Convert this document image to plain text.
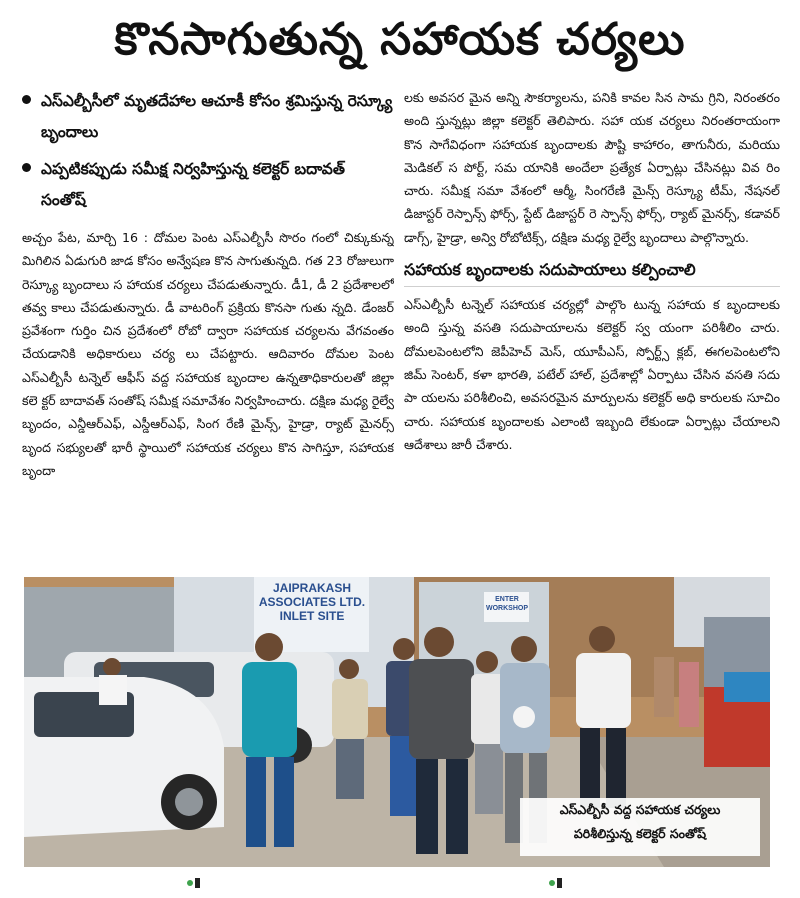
కొనసాగుతున్న సహాయక చర్యలు
ఎస్ఎల్బీసీలో మృతదేహాల ఆచూకీ కోసం శ్రమిస్తున్న రెస్క్యూ బృందాలు
ఎప్పటికప్పుడు సమీక్ష నిర్వహిస్తున్న కలెక్టర్ బదావత్ సంతోష్

అచ్చం పేట, మార్చి 16 : దోమల పెంట ఎస్ఎల్బీసీ సొరం గంలో చిక్కుకున్న మిగిలిన ఏడుగురి జాడ కోసం అన్వేషణ కొన సాగుతున్నది. గత 23 రోజులుగా రెస్క్యూ బృందాలు స హాయక చర్యలు చేపడుతున్నారు. డీ1, డీ 2 ప్రదేశాలలో తవ్వ కాలు చేపడుతున్నారు. డీ వాటరింగ్ ప్రక్రియ కొనసా గుతు న్నది. డేంజర్ ప్రవేశంగా గుర్తిం చిన ప్రదేశంలో రోబో ద్వారా సహాయక చర్యలను వేగవంతం చేయడానికి అధికారులు చర్య లు చేపట్టారు. ఆదివారం దోమల పెంట ఎస్ఎల్బీసీ టన్నెల్ ఆఫీస్ వద్ద సహాయక బృందాల ఉన్నతాధికారులతో జిల్లా కలె క్టర్ బాదావత్ సంతోష్ సమీక్ష సమావేశం నిర్వహించారు. దక్షిణ మధ్య రైల్వే బృందం, ఎన్డీఆర్ఎఫ్, ఎస్డీఆర్ఎఫ్, సింగ రేణి మైన్స్, హైడ్రా, ర్యాట్ మైనర్స్ బృంద సభ్యులతో భారీ స్థాయిలో సహాయక చర్యలు కొన సాగిస్తూ, సహాయక బృందా

లకు అవసర మైన అన్ని సౌకర్యాలను, పనికి కావల సిన సామ గ్రిని, నిరంతరం అంది స్తున్నట్లు జిల్లా కలెక్టర్ తెలిపారు. సహా యక చర్యలు నిరంతరాయంగా కొన సాగేవిధంగా సహాయక బృందాలకు పౌష్టి కాహారం, తాగునీరు, మరియు మెడికల్ స పోర్ట్, సమ యానికి అందేలా ప్రత్యేక ఏర్పాట్లు చేసినట్లు వివ రిం చారు. సమీక్ష సమా వేశంలో ఆర్మీ, సింగరేణి మైన్స్ రెస్క్యూ టీమ్, నేషనల్ డిజాస్టర్ రెస్పాన్స్ ఫోర్స్, స్టేట్ డిజాస్టర్ రె స్పాన్స్ ఫోర్స్, ర్యాట్ మైనర్స్, కడావర్ డాగ్స్, హైడ్రా, అన్వి రోబోటిక్స్, దక్షిణ మధ్య రైల్వే బృందాలు పాల్గొన్నారు.

సహాయక బృందాలకు సదుపాయాలు కల్పించాలి

ఎస్ఎల్బీసీ టన్నెల్ సహాయక చర్యల్లో పాల్గొం టున్న సహాయ క బృందాలకు అంది స్తున్న వసతి సదుపాయాలను కలెక్టర్ స్వ యంగా పరిశీలిం చారు. దోమలపెంటలోని జెపీహెచ్ మెస్, యూపీఎస్, స్పోర్ట్స్ క్లబ్, ఈగలపెంటలోని జిమ్ సెంటర్, కళా భారతి, పటేల్ హాల్, ప్రదేశాల్లో ఏర్పాటు చేసిన వసతి సదు పా యలను పరిశీలించి, అవసరమైన మార్పులను కలెక్టర్ అధి కారులకు సూచిం చారు. సహాయక బృందాలకు ఎలాంటి ఇబ్బంది లేకుండా ఏర్పాట్లు చేయాలని ఆదేశాలు జారీ చేశారు.

JAIPRAKASH ASSOCIATES LTD. INLET SITE
ENTER WORKSHOP
ఎస్ఎల్బీసీ వద్ద సహాయక చర్యలు
పరిశీలిస్తున్న కలెక్టర్ సంతోష్
